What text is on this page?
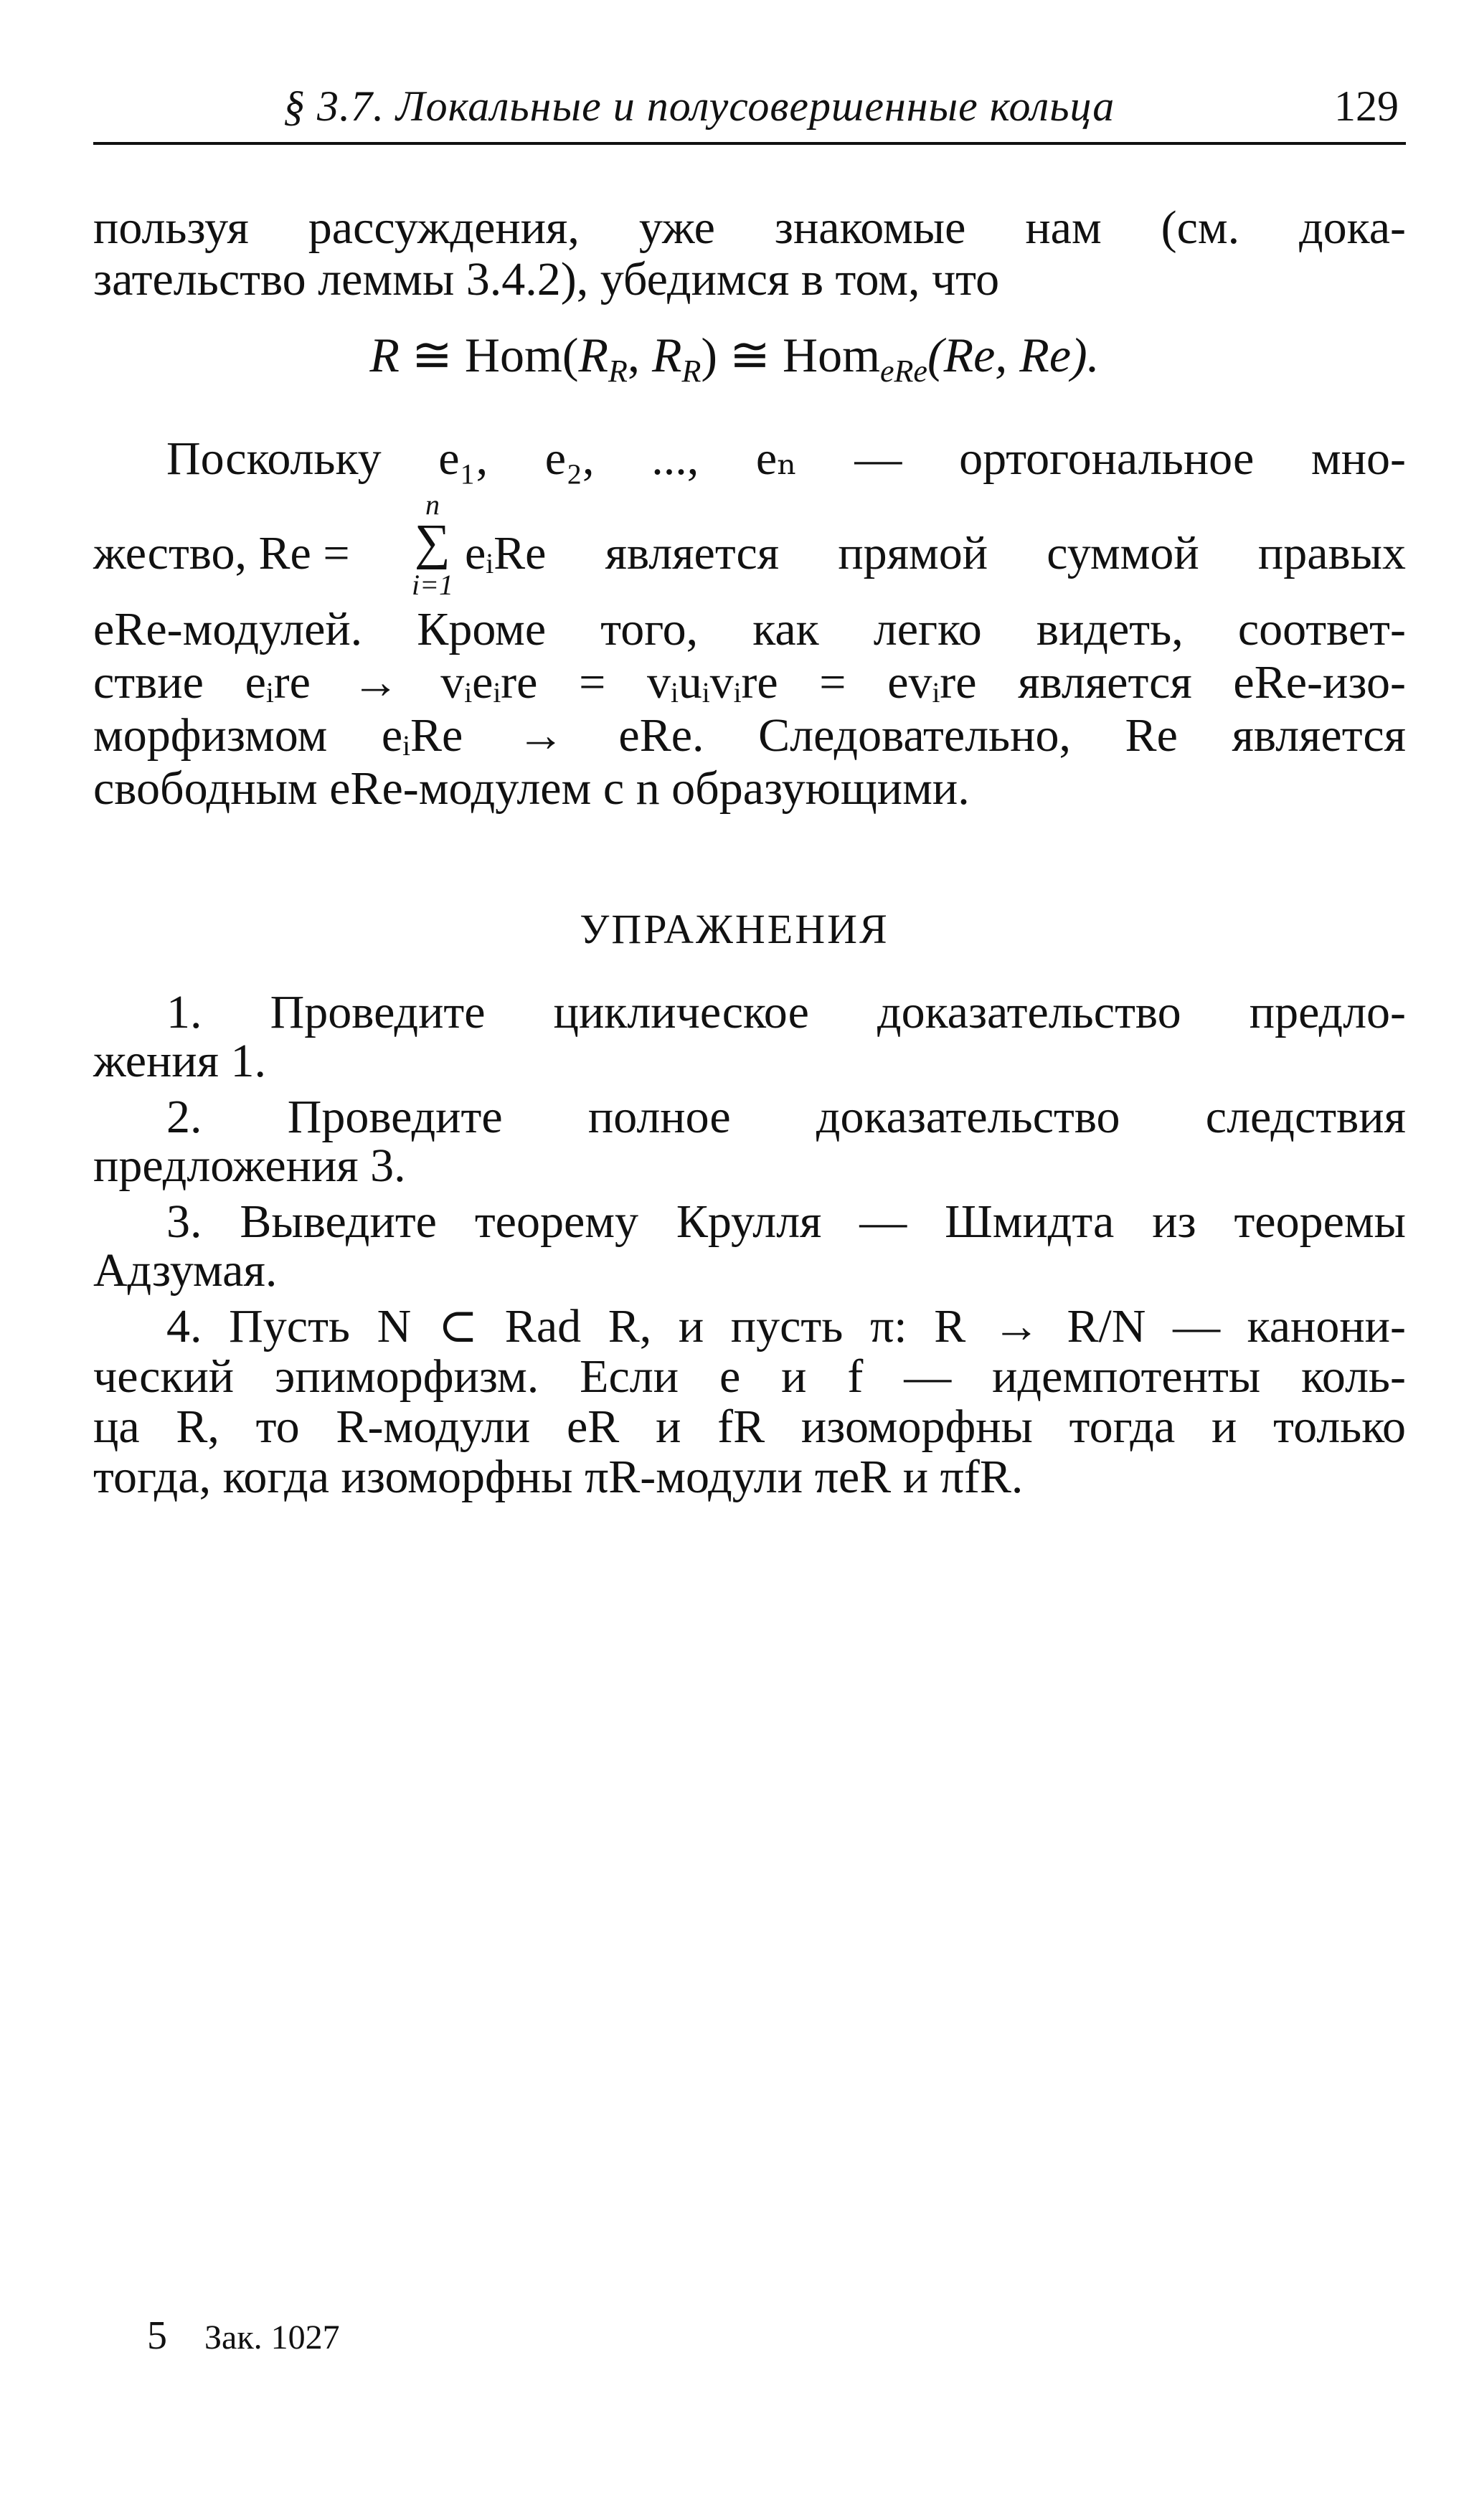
§ 3.7. Локальные и полусовершенные кольца	129
пользуя рассуждения, уже знакомые нам (см. дока-
зательство леммы 3.4.2), убедимся в том, что
R ≅ $Hom(R_R$, $R_R$) ≅ Hom$_{eRe}$(Re, Re).
Поскольку e₁, e₂, ..., eₙ — ортогональное мно-
n
∑
i=1
жество, Re = eᵢRe является прямой суммой правых
eRe-модулей. Кроме того, как легко видеть, соответ-
ствие eᵢre → vᵢeᵢre = vᵢuᵢvᵢre = evᵢre является eRe-изо-
морфизмом eᵢRe → eRe. Следовательно, Re является
свободным eRe-модулем с n образующими.
УПРАЖНЕНИЯ
1. Проведите циклическое доказательство предло-
жения 1.
2. Проведите полное доказательство следствия
предложения 3.
3. Выведите теорему Крулля — Шмидта из теоремы
Адзумая.
4. Пусть N ⊂ Rad R, и пусть π: R → R/N — канони-
ческий эпиморфизм. Если e и f — идемпотенты коль-
ца R, то R-модули eR и fR изоморфны тогда и только
тогда, когда изоморфны πR-модули πeR и πfR.
5 Зак. 1027
